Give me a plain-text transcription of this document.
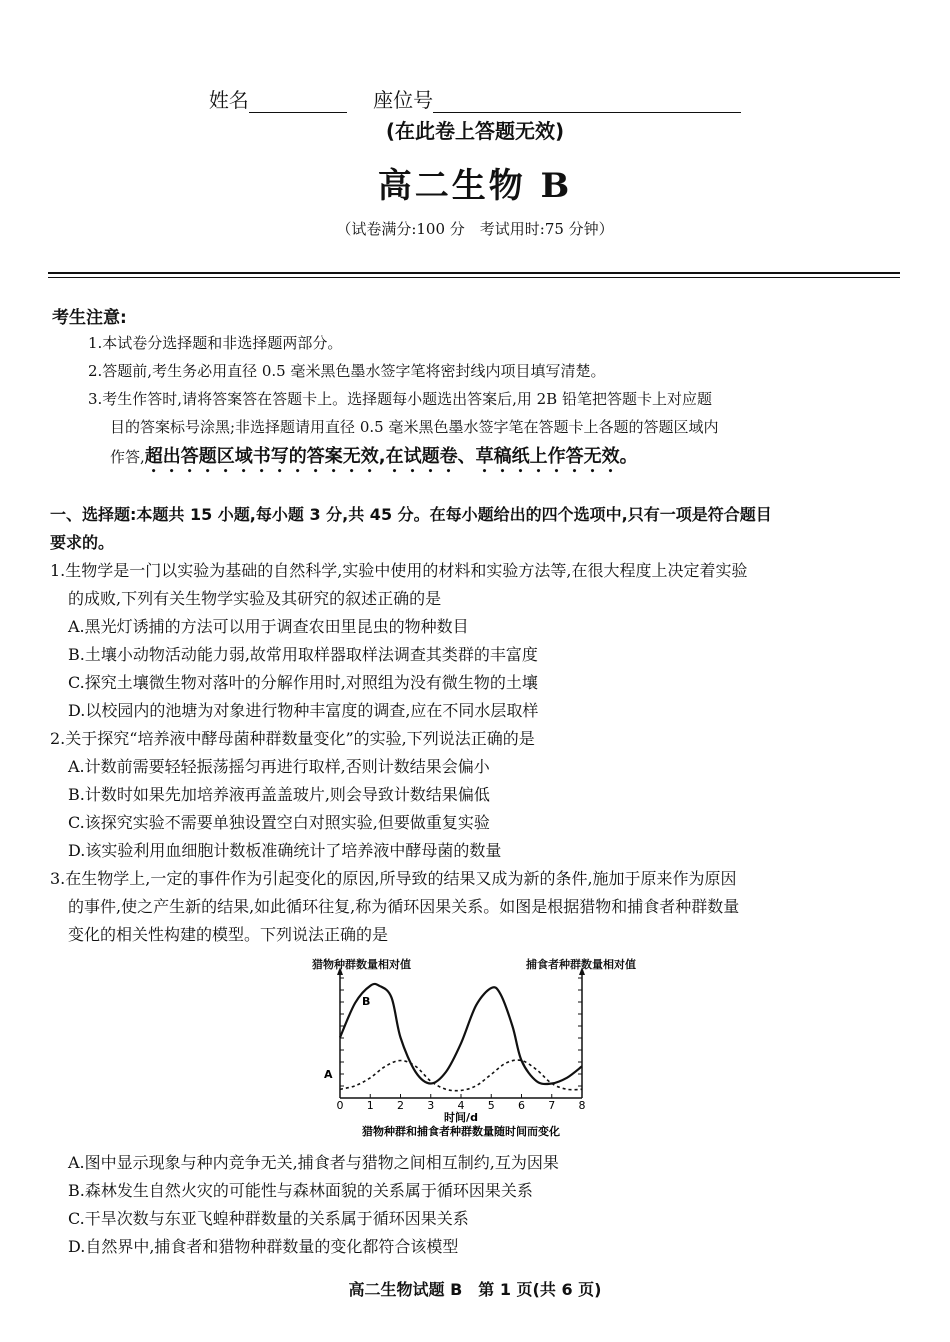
姓名	座位号
(在此卷上答题无效)
高二生物 B
（试卷满分:100 分　考试用时:75 分钟）
考生注意:
1.本试卷分选择题和非选择题两部分。
2.答题前,考生务必用直径 0.5 毫米黑色墨水签字笔将密封线内项目填写清楚。
3.考生作答时,请将答案答在答题卡上。选择题每小题选出答案后,用 2B 铅笔把答题卡上对应题
目的答案标号涂黑;非选择题请用直径 0.5 毫米黑色墨水签字笔在答题卡上各题的答题区域内
作答,超出答题区域书写的答案无效,在试题卷、草稿纸上作答无效。
一、选择题:本题共 15 小题,每小题 3 分,共 45 分。在每小题给出的四个选项中,只有一项是符合题目
要求的。
1.生物学是一门以实验为基础的自然科学,实验中使用的材料和实验方法等,在很大程度上决定着实验
的成败,下列有关生物学实验及其研究的叙述正确的是
A.黑光灯诱捕的方法可以用于调查农田里昆虫的物种数目
B.土壤小动物活动能力弱,故常用取样器取样法调查其类群的丰富度
C.探究土壤微生物对落叶的分解作用时,对照组为没有微生物的土壤
D.以校园内的池塘为对象进行物种丰富度的调查,应在不同水层取样
2.关于探究“培养液中酵母菌种群数量变化”的实验,下列说法正确的是
A.计数前需要轻轻振荡摇匀再进行取样,否则计数结果会偏小
B.计数时如果先加培养液再盖盖玻片,则会导致计数结果偏低
C.该探究实验不需要单独设置空白对照实验,但要做重复实验
D.该实验利用血细胞计数板准确统计了培养液中酵母菌的数量
3.在生物学上,一定的事件作为引起变化的原因,所导致的结果又成为新的条件,施加于原来作为原因
的事件,使之产生新的结果,如此循环往复,称为循环因果关系。如图是根据猎物和捕食者种群数量
变化的相关性构建的模型。下列说法正确的是
猎物种群数量相对值	捕食者种群数量相对值
0 1 2 3 4 5 6 7 8
B
A
时间/d
猎物种群和捕食者种群数量随时间而变化
A.图中显示现象与种内竞争无关,捕食者与猎物之间相互制约,互为因果
B.森林发生自然火灾的可能性与森林面貌的关系属于循环因果关系
C.干旱次数与东亚飞蝗种群数量的关系属于循环因果关系
D.自然界中,捕食者和猎物种群数量的变化都符合该模型
高二生物试题 B　第 1 页(共 6 页)
